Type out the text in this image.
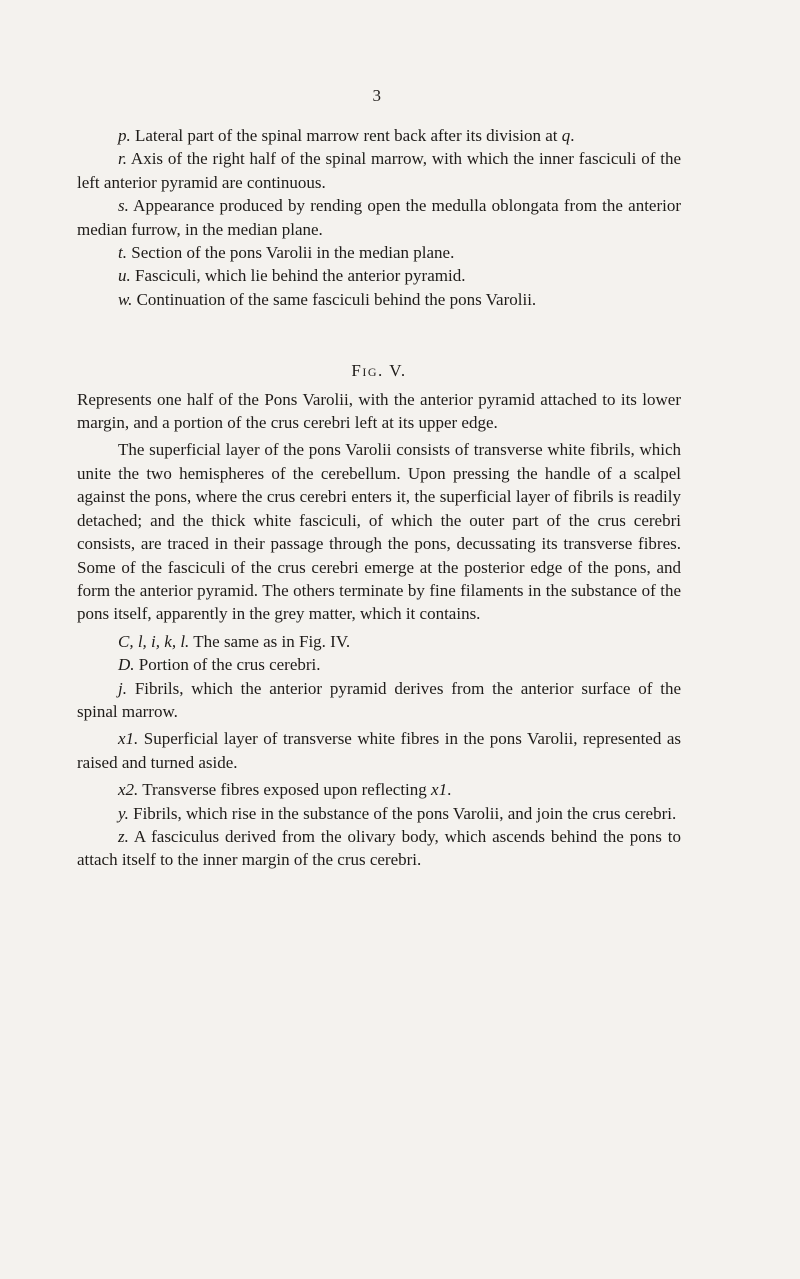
3

p. Lateral part of the spinal marrow rent back after its division at q.

r. Axis of the right half of the spinal marrow, with which the inner fasciculi of the left anterior pyramid are continuous.

s. Appearance produced by rending open the medulla oblongata from the anterior median furrow, in the median plane.

t. Section of the pons Varolii in the median plane.

u. Fasciculi, which lie behind the anterior pyramid.

w. Continuation of the same fasciculi behind the pons Varolii.

Fig. V.

Represents one half of the Pons Varolii, with the anterior pyramid attached to its lower margin, and a portion of the crus cerebri left at its upper edge.

The superficial layer of the pons Varolii consists of transverse white fibrils, which unite the two hemispheres of the cerebellum. Upon pressing the handle of a scalpel against the pons, where the crus cerebri enters it, the superficial layer of fibrils is readily detached; and the thick white fasciculi, of which the outer part of the crus cerebri consists, are traced in their passage through the pons, decussating its transverse fibres. Some of the fasciculi of the crus cerebri emerge at the posterior edge of the pons, and form the anterior pyramid. The others terminate by fine filaments in the substance of the pons itself, apparently in the grey matter, which it contains.

C, l, i, k, l. The same as in Fig. IV.

D. Portion of the crus cerebri.

j. Fibrils, which the anterior pyramid derives from the anterior surface of the spinal marrow.

x1. Superficial layer of transverse white fibres in the pons Varolii, represented as raised and turned aside.

x2. Transverse fibres exposed upon reflecting x1.

y. Fibrils, which rise in the substance of the pons Varolii, and join the crus cerebri.

z. A fasciculus derived from the olivary body, which ascends behind the pons to attach itself to the inner margin of the crus cerebri.
